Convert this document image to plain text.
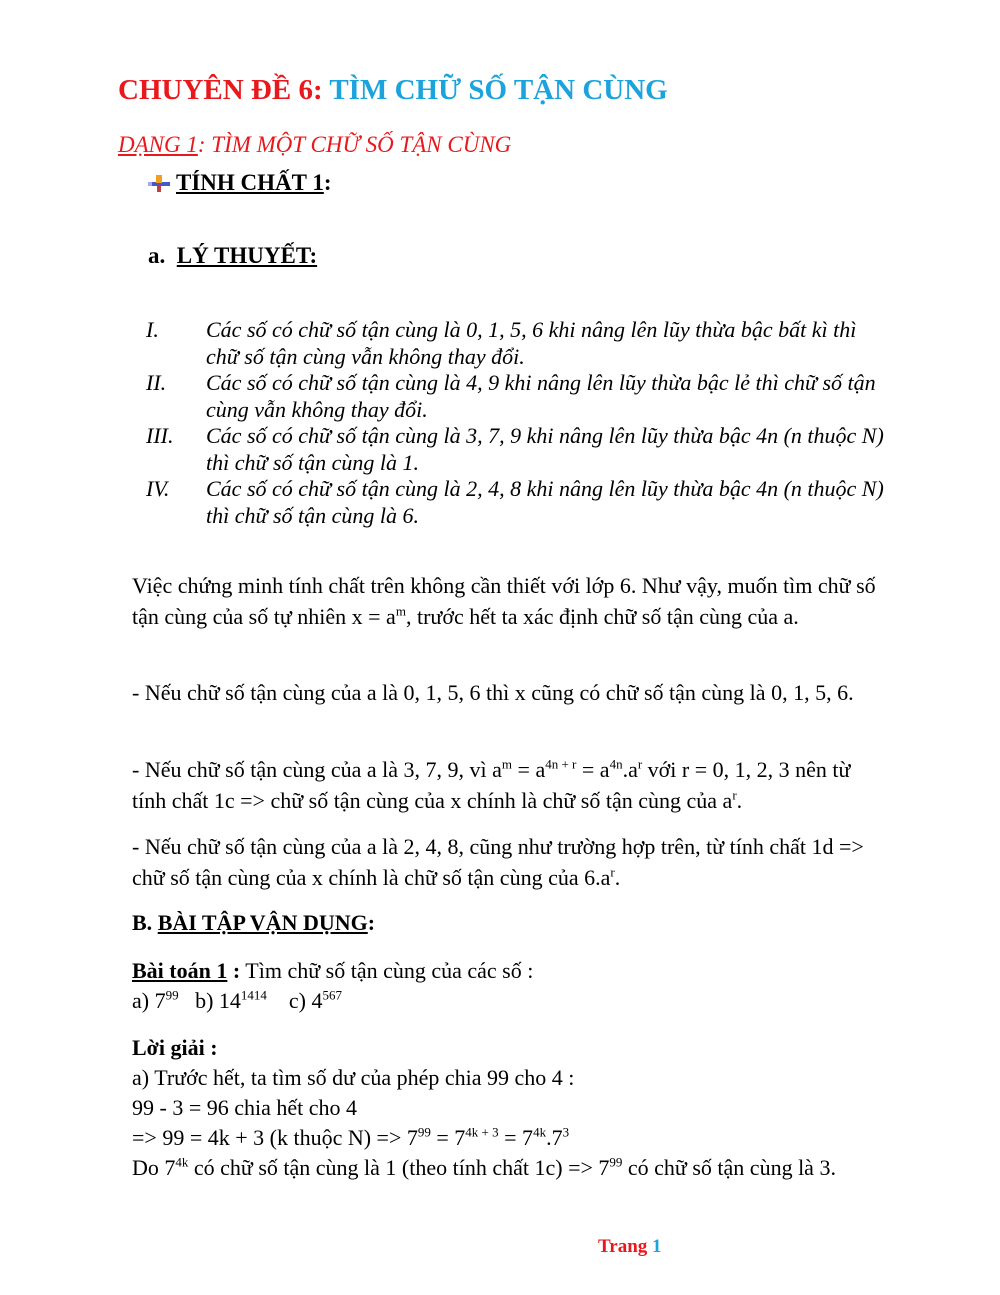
CHUYÊN ĐỀ 6: TÌM CHỮ SỐ TẬN CÙNG
DẠNG 1: TÌM MỘT CHỮ SỐ TẬN CÙNG
TÍNH CHẤT 1 :
a.  LÝ THUYẾT:
I. Các số có chữ số tận cùng là 0, 1, 5, 6 khi nâng lên lũy thừa bậc bất kì thì chữ số tận cùng vẫn không thay đổi.
II. Các số có chữ số tận cùng là 4, 9 khi nâng lên lũy thừa bậc lẻ thì chữ số tận cùng vẫn không thay đổi.
III. Các số có chữ số tận cùng là 3, 7, 9 khi nâng lên lũy thừa bậc 4n (n thuộc N) thì chữ số tận cùng là 1.
IV. Các số có chữ số tận cùng là 2, 4, 8 khi nâng lên lũy thừa bậc 4n (n thuộc N) thì chữ số tận cùng là 6.
Việc chứng minh tính chất trên không cần thiết với lớp 6. Như vậy, muốn tìm chữ số tận cùng của số tự nhiên $x = a^m$, trước hết ta xác định chữ số tận cùng của a.
- Nếu chữ số tận cùng của a là 0, 1, 5, 6 thì x cũng có chữ số tận cùng là 0, 1, 5, 6.
- Nếu chữ số tận cùng của a là 3, 7, 9, vì $a^m = a^{4n + r} = a^{4n}.a^r$ với r = 0, 1, 2, 3 nên từ tính chất 1c => chữ số tận cùng của x chính là chữ số tận cùng của $a^r$.
- Nếu chữ số tận cùng của a là 2, 4, 8, cũng như trường hợp trên, từ tính chất 1d => chữ số tận cùng của x chính là chữ số tận cùng của $6.a^r$.
B. BÀI TẬP VẬN DỤNG:
Bài toán 1 : Tìm chữ số tận cùng của các số :
a) $7^{99}$   b) $14^{1414}$    c) $4^{567}$
Lời giải :
a) Trước hết, ta tìm số dư của phép chia 99 cho 4 :
99 - 3 = 96 chia hết cho 4
=> 99 = 4k + 3 (k thuộc $N) => 7^{99} = 7^{4k + 3} = 7^{4k}.7^3$
Do $7^{4k}$ có chữ số tận cùng là 1 (theo tính chất $1c) => 7^{99}$ có chữ số tận cùng là 3.
Trang 1
